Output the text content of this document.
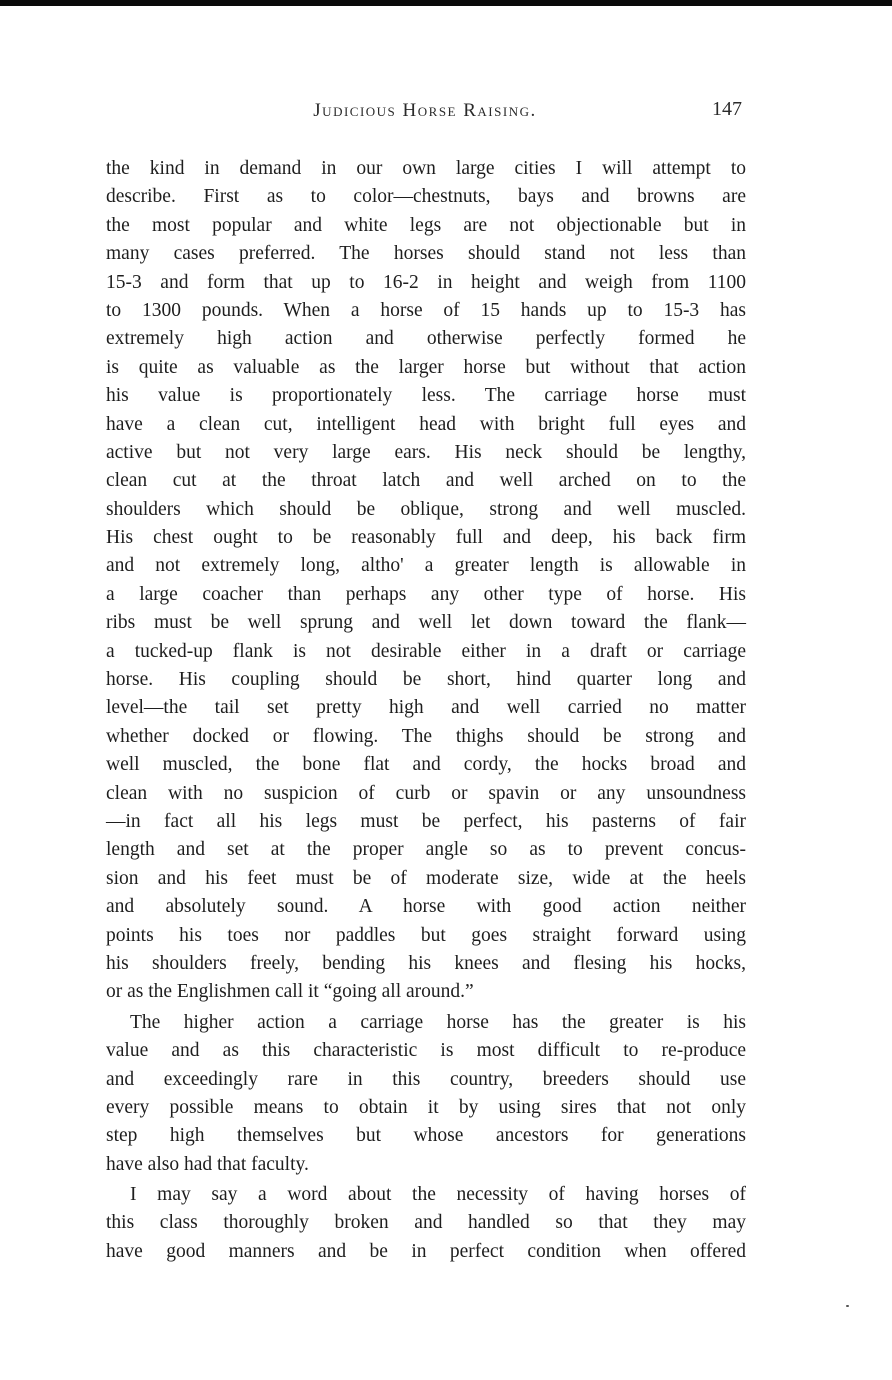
Judicious Horse Raising.	147
the kind in demand in our own large cities I will attempt to
describe. First as to color—chestnuts, bays and browns are
the most popular and white legs are not objectionable but in
many cases preferred. The horses should stand not less than
15-3 and form that up to 16-2 in height and weigh from 1100
to 1300 pounds. When a horse of 15 hands up to 15-3 has
extremely high action and otherwise perfectly formed he
is quite as valuable as the larger horse but without that action
his value is proportionately less. The carriage horse must
have a clean cut, intelligent head with bright full eyes and
active but not very large ears. His neck should be lengthy,
clean cut at the throat latch and well arched on to the
shoulders which should be oblique, strong and well muscled.
His chest ought to be reasonably full and deep, his back firm
and not extremely long, altho' a greater length is allowable in
a large coacher than perhaps any other type of horse. His
ribs must be well sprung and well let down toward the flank—
a tucked-up flank is not desirable either in a draft or carriage
horse. His coupling should be short, hind quarter long and
level—the tail set pretty high and well carried no matter
whether docked or flowing. The thighs should be strong and
well muscled, the bone flat and cordy, the hocks broad and
clean with no suspicion of curb or spavin or any unsoundness
—in fact all his legs must be perfect, his pasterns of fair
length and set at the proper angle so as to prevent concus-
sion and his feet must be of moderate size, wide at the heels
and absolutely sound. A horse with good action neither
points his toes nor paddles but goes straight forward using
his shoulders freely, bending his knees and flesing his hocks,
or as the Englishmen call it “going all around.”
The higher action a carriage horse has the greater is his
value and as this characteristic is most difficult to re-produce
and exceedingly rare in this country, breeders should use
every possible means to obtain it by using sires that not only
step high themselves but whose ancestors for generations
have also had that faculty.
I may say a word about the necessity of having horses of
this class thoroughly broken and handled so that they may
have good manners and be in perfect condition when offered
